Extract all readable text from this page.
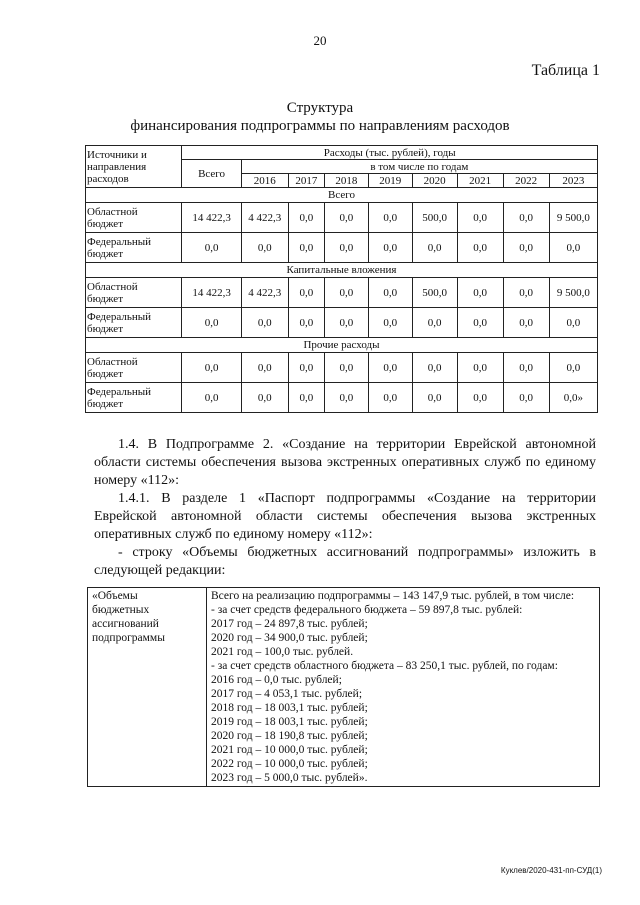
20
Таблица 1
Структура
финансирования подпрограммы по направлениям расходов
Источники и
направления
расходов	Расходы (тыс. рублей), годы								
	Всего	в том числе по годам							
		2016	2017	2018	2019	2020	2021	2022	2023
Всего									

Областной
бюджет	14 422,3	4 422,3	0,0	0,0	0,0	500,0	0,0	0,0	9 500,0

Федеральный
бюджет	0,0	0,0	0,0	0,0	0,0	0,0	0,0	0,0	0,0
Капитальные вложения									

Областной
бюджет	14 422,3	4 422,3	0,0	0,0	0,0	500,0	0,0	0,0	9 500,0

Федеральный
бюджет	0,0	0,0	0,0	0,0	0,0	0,0	0,0	0,0	0,0
Прочие расходы									

Областной
бюджет	0,0	0,0	0,0	0,0	0,0	0,0	0,0	0,0	0,0

Федеральный
бюджет	0,0	0,0	0,0	0,0	0,0	0,0	0,0	0,0	0,0»
1.4. В Подпрограмме 2. «Создание на территории Еврейской автономной области системы обеспечения вызова экстренных оперативных служб по единому номеру «112»:
1.4.1. В разделе 1 «Паспорт подпрограммы «Создание на территории Еврейской автономной области системы обеспечения вызова экстренных оперативных служб по единому номеру «112»:
- строку «Объемы бюджетных ассигнований подпрограммы» изложить в следующей редакции:
«Объемы
бюджетных
ассигнований
подпрограммы

Всего на реализацию подпрограммы – 143 147,9 тыс. рублей, в том числе:
- за счет средств федерального бюджета – 59 897,8 тыс. рублей:
2017 год – 24 897,8 тыс. рублей;
2020 год – 34 900,0 тыс. рублей;
2021 год – 100,0 тыс. рублей.
- за счет средств областного бюджета – 83 250,1 тыс. рублей, по годам:
2016 год – 0,0 тыс. рублей;
2017 год – 4 053,1 тыс. рублей;
2018 год – 18 003,1 тыс. рублей;
2019 год – 18 003,1 тыс. рублей;
2020 год – 18 190,8 тыс. рублей;
2021 год – 10 000,0 тыс. рублей;
2022 год – 10 000,0 тыс. рублей;
2023 год – 5 000,0 тыс. рублей».
Куклев/2020-431-пп-СУД(1)
